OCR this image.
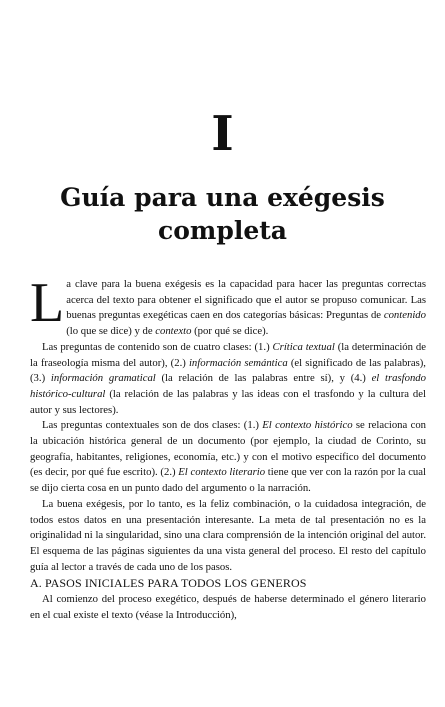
I
Guía para una exégesis completa

La clave para la buena exégesis es la capacidad para hacer las preguntas correctas acerca del texto para obtener el significado que el autor se propuso comunicar. Las buenas preguntas exegéticas caen en dos categorías básicas: Preguntas de contenido (lo que se dice) y de contexto (por qué se dice).

Las preguntas de contenido son de cuatro clases: (1.) Crítica textual (la determinación de la fraseología misma del autor), (2.) información semántica (el significado de las palabras), (3.) información gramatical (la relación de las palabras entre sí), y (4.) el trasfondo histórico-cultural (la relación de las palabras y las ideas con el trasfondo y la cultura del autor y sus lectores).

Las preguntas contextuales son de dos clases: (1.) El contexto histórico se relaciona con la ubicación histórica general de un documento (por ejemplo, la ciudad de Corinto, su geografía, habitantes, religiones, economía, etc.) y con el motivo específico del documento (es decir, por qué fue escrito). (2.) El contexto literario tiene que ver con la razón por la cual se dijo cierta cosa en un punto dado del argumento o la narración.

La buena exégesis, por lo tanto, es la feliz combinación, o la cuidadosa integración, de todos estos datos en una presentación interesante. La meta de tal presentación no es la originalidad ni la singularidad, sino una clara comprensión de la intención original del autor. El esquema de las páginas siguientes da una vista general del proceso. El resto del capítulo guía al lector a través de cada uno de los pasos.

A. PASOS INICIALES PARA TODOS LOS GENEROS

Al comienzo del proceso exegético, después de haberse determinado el género literario en el cual existe el texto (véase la Introducción),
